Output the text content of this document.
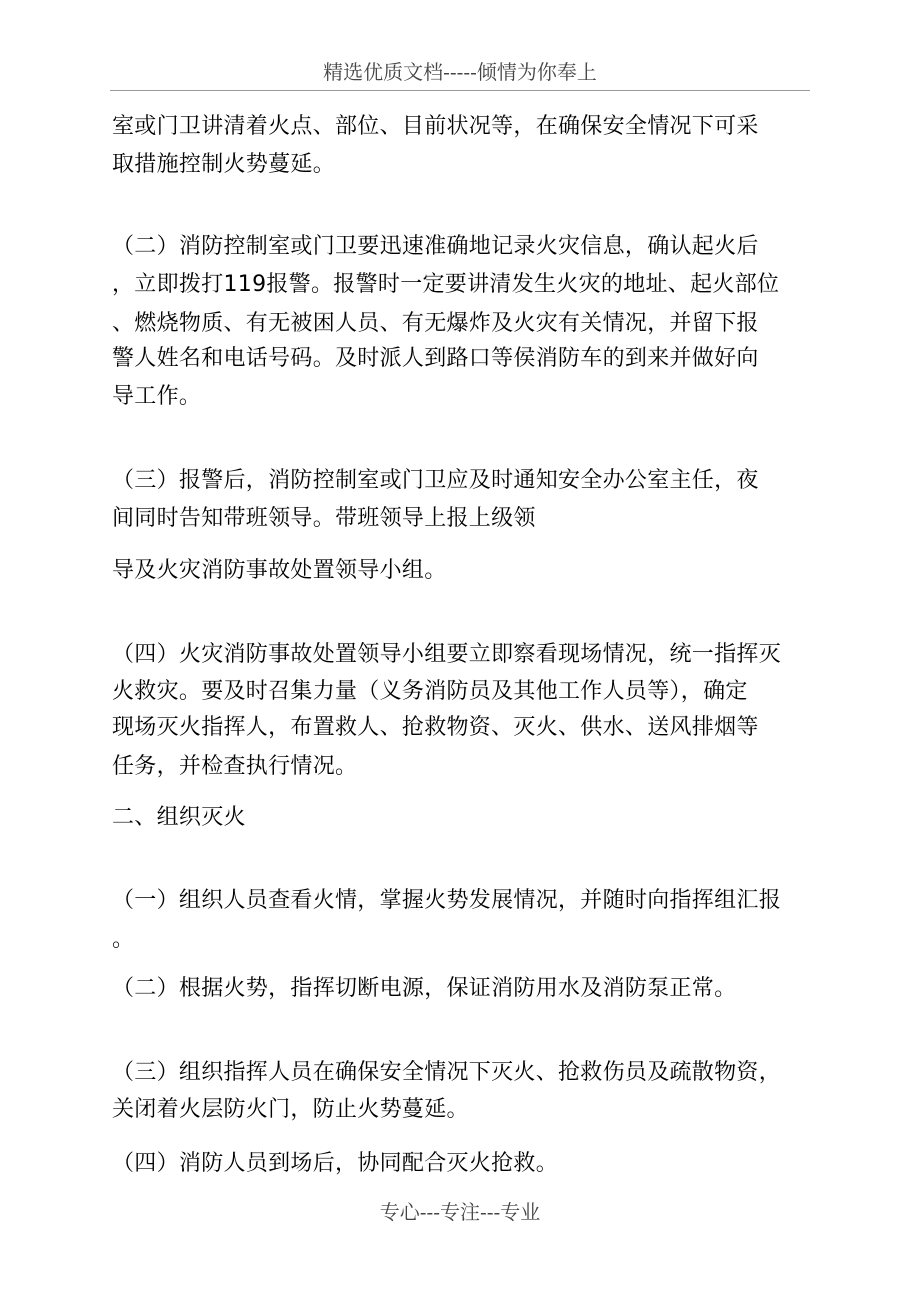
精选优质文档-----倾情为你奉上
室或门卫讲清着火点、部位、目前状况等，在确保安全情况下可采
取措施控制火势蔓延。
（二）消防控制室或门卫要迅速准确地记录火灾信息，确认起火后
，立即拨打119报警。报警时一定要讲清发生火灾的地址、起火部位
、燃烧物质、有无被困人员、有无爆炸及火灾有关情况，并留下报
警人姓名和电话号码。及时派人到路口等侯消防车的到来并做好向
导工作。
（三）报警后，消防控制室或门卫应及时通知安全办公室主任，夜
间同时告知带班领导。带班领导上报上级领
导及火灾消防事故处置领导小组。
（四）火灾消防事故处置领导小组要立即察看现场情况，统一指挥灭
火救灾。要及时召集力量（义务消防员及其他工作人员等），确定
现场灭火指挥人，布置救人、抢救物资、灭火、供水、送风排烟等
任务，并检查执行情况。
二、组织灭火
（一）组织人员查看火情，掌握火势发展情况，并随时向指挥组汇报
。
（二）根据火势，指挥切断电源，保证消防用水及消防泵正常。
（三）组织指挥人员在确保安全情况下灭火、抢救伤员及疏散物资，
关闭着火层防火门，防止火势蔓延。
（四）消防人员到场后，协同配合灭火抢救。
专心---专注---专业
